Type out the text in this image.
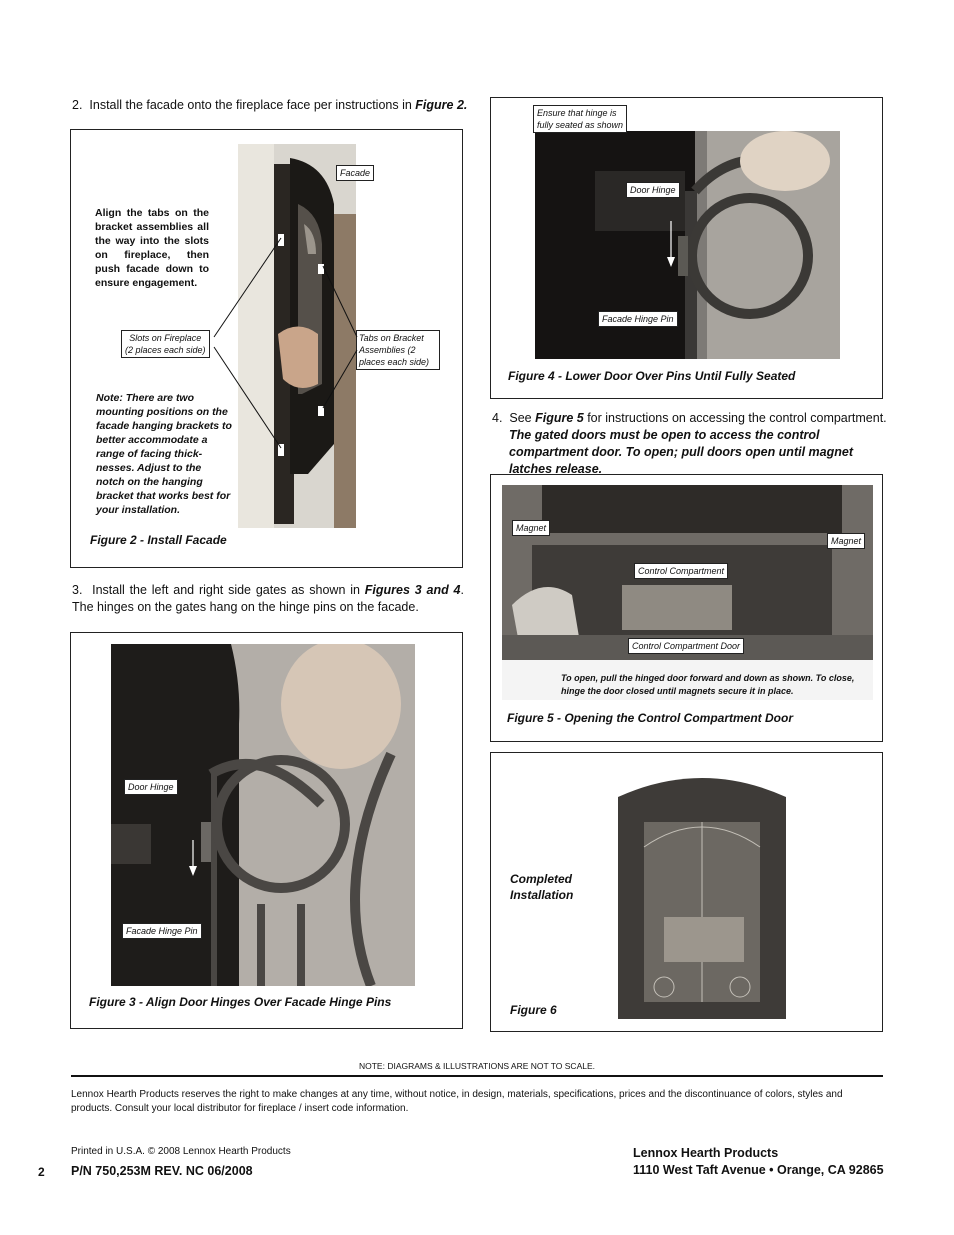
2. Install the facade onto the fireplace face per instructions in Figure 2.
Facade
Align the tabs on the bracket assemblies all the way into the slots on fireplace, then push facade down to ensure engagement.
Slots on Fireplace
(2 places each side)
Tabs on Bracket
Assemblies (2
places each side)
Note: There are two mounting positions on the facade hanging brackets to better accommodate a range of facing thick-nesses. Adjust to the notch on the hanging bracket that works best for your installation.
Figure 2 - Install Facade
Ensure that hinge is
fully seated as shown
Door Hinge
Facade Hinge Pin
Figure 4 - Lower Door Over Pins Until Fully Seated
4. See Figure 5 for instructions on accessing the control compartment.
The gated doors must be open to access the control compartment door. To open; pull doors open until magnet latches release.
Magnet
Magnet
Control Compartment
Control Compartment Door
To open, pull the hinged door forward and down as shown. To close, hinge the door closed until magnets secure it in place.
Figure 5 - Opening the Control Compartment Door
3. Install the left and right side gates as shown in Figures 3 and 4. The hinges on the gates hang on the hinge pins on the facade.
Door Hinge
Facade Hinge Pin
Figure 3 - Align Door Hinges Over Facade Hinge Pins
Completed
Installation
Figure 6
NOTE: DIAGRAMS & ILLUSTRATIONS ARE NOT TO SCALE.
Lennox Hearth Products reserves the right to make changes at any time, without notice, in design, materials, specifications, prices and the discontinuance of colors, styles and products. Consult your local distributor for fireplace / insert code information.
Printed in U.S.A. © 2008 Lennox Hearth Products
2 P/N 750,253M REV. NC 06/2008
Lennox Hearth Products
1110 West Taft Avenue • Orange, CA 92865
